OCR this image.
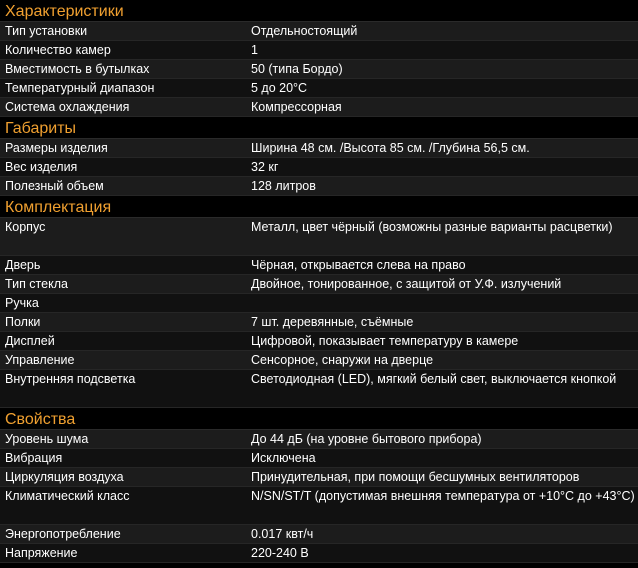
Характеристики
Тип установки	Отдельностоящий
Количество камер	1
Вместимость в бутылках	50 (типа Бордо)
Температурный диапазон	5 до 20°C
Система охлаждения	Компрессорная
Габариты
Размеры изделия	Ширина 48 см. /Высота 85 см. /Глубина 56,5 см.
Вес изделия	32 кг
Полезный объем	128 литров
Комплектация
Корпус	Металл, цвет чёрный (возможны разные варианты расцветки)
Дверь	Чёрная, открывается слева на право
Тип стекла	Двойное, тонированное, с защитой от У.Ф. излучений
Ручка
Полки	7 шт. деревянные, съёмные
Дисплей	Цифровой, показывает температуру в камере
Управление	Сенсорное, снаружи на дверце
Внутренняя подсветка	Светодиодная (LED), мягкий белый свет, выключается кнопкой
Свойства
Уровень шума	До 44 дБ (на уровне бытового прибора)
Вибрация	Исключена
Циркуляция воздуха	Принудительная, при помощи бесшумных вентиляторов
Климатический класс	N/SN/ST/T (допустимая внешняя температура от +10°C до +43°C)
Энергопотребление	0.017 квт/ч
Напряжение	220-240 В
